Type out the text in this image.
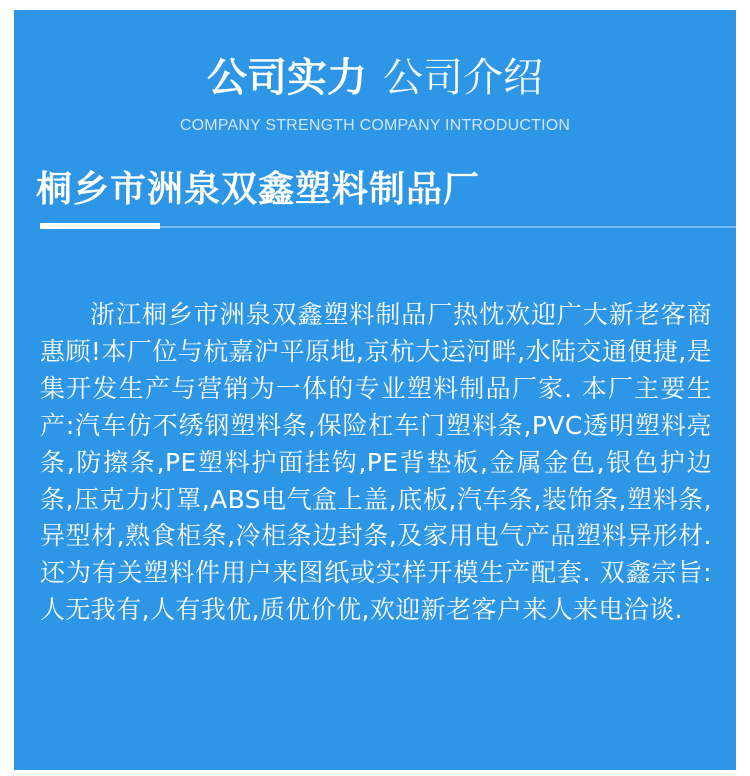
公司实力 公司介绍
COMPANY STRENGTH COMPANY INTRODUCTION
桐乡市洲泉双鑫塑料制品厂

浙江桐乡市洲泉双鑫塑料制品厂热忱欢迎广大新老客商惠顾!本厂位与杭嘉沪平原地,京杭大运河畔,水陆交通便捷,是集开发生产与营销为一体的专业塑料制品厂家. 本厂主要生产:汽车仿不绣钢塑料条,保险杠车门塑料条,PVC透明塑料亮条,防擦条,PE塑料护面挂钩,PE背垫板,金属金色,银色护边条,压克力灯罩,ABS电气盒上盖,底板,汽车条,装饰条,塑料条,异型材,熟食柜条,冷柜条边封条,及家用电气产品塑料异形材.还为有关塑料件用户来图纸或实样开模生产配套. 双鑫宗旨:人无我有,人有我优,质优价优,欢迎新老客户来人来电洽谈.
